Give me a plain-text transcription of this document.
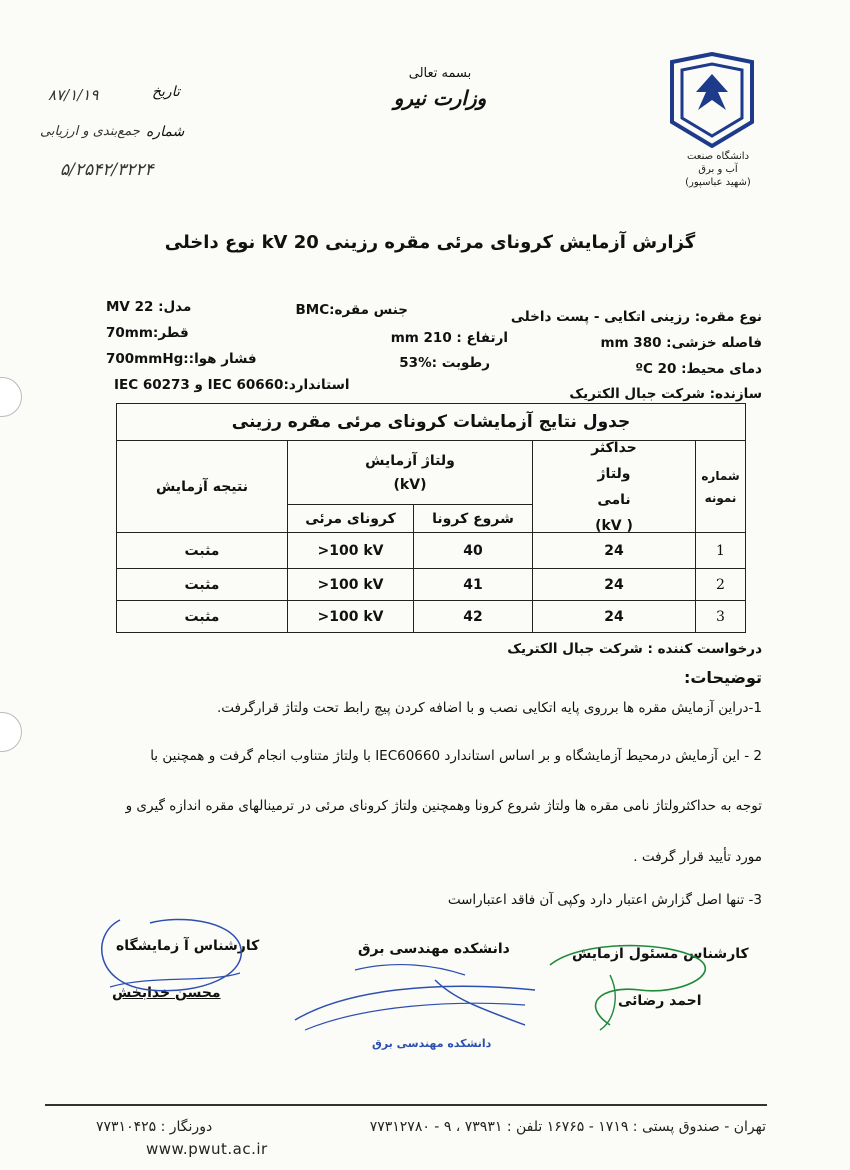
دانشگاه صنعت آب و برق
(شهید عباسپور)
بسمه تعالی
وزارت نیرو
تاریخ
۸۷/۱/۱۹
شماره
جمع‌بندی و ارزیابی
۵/۲۵۴۲/۳۲۲۴
گزارش آزمایش کرونای مرئی مقره رزینی 20 kV نوع داخلی
نوع مقره: رزینی اتکایی - پست داخلی
جنس مقره:BMC
مدل: MV 22
فاصله خزشی: 380 mm
ارتفاع : 210 mm
قطر:70mm
دمای محیط: 20 ºC
رطوبت :%53
فشار هوا::700mmHg
سازنده: شرکت جبال الکتریک
استاندارد:IEC 60660 و IEC 60273
جدول نتایج آزمایشات کرونای مرئی مقره رزینی
شماره نمونه
حداکثر ولتاژ نامی
(kV )
ولتاژ آزمایش
(kV)
شروع کرونا
کرونای مرئی
نتیجه آزمایش
1
24
40
>100 kV
مثبت
2
24
41
>100 kV
مثبت
3
24
42
>100 kV
مثبت
درخواست کننده : شرکت جبال الکتریک
توضیحات:
1-دراین آزمایش مقره ها برروی پایه اتکایی نصب و با اضافه کردن پیچ رابط تحت ولتاژ قرارگرفت.
2 - این آزمایش درمحیط آزمایشگاه و بر اساس استاندارد IEC60660 با ولتاژ متناوب انجام گرفت و همچنین با
توجه به حداکثرولتاژ نامی مقره ها ولتاژ شروع کرونا وهمچنین ولتاژ کرونای مرئی در ترمینالهای مقره اندازه گیری و
مورد تأیید قرار گرفت .
3- تنها اصل گزارش اعتبار دارد وکپی آن فاقد اعتباراست
کارشناس آ زمایشگاه
محسن خدابخش
دانشکده مهندسی برق	کارشناس مسئول آزمایش
احمد رضائی
دانشکده مهندسی برق
تهران - صندوق پستی : ۱۷۱۹ - ۱۶۷۶۵ تلفن : ۷۳۹۳۱ ، ۹ - ۷۷۳۱۲۷۸۰
دورنگار : ۷۷۳۱۰۴۲۵
www.pwut.ac.ir
